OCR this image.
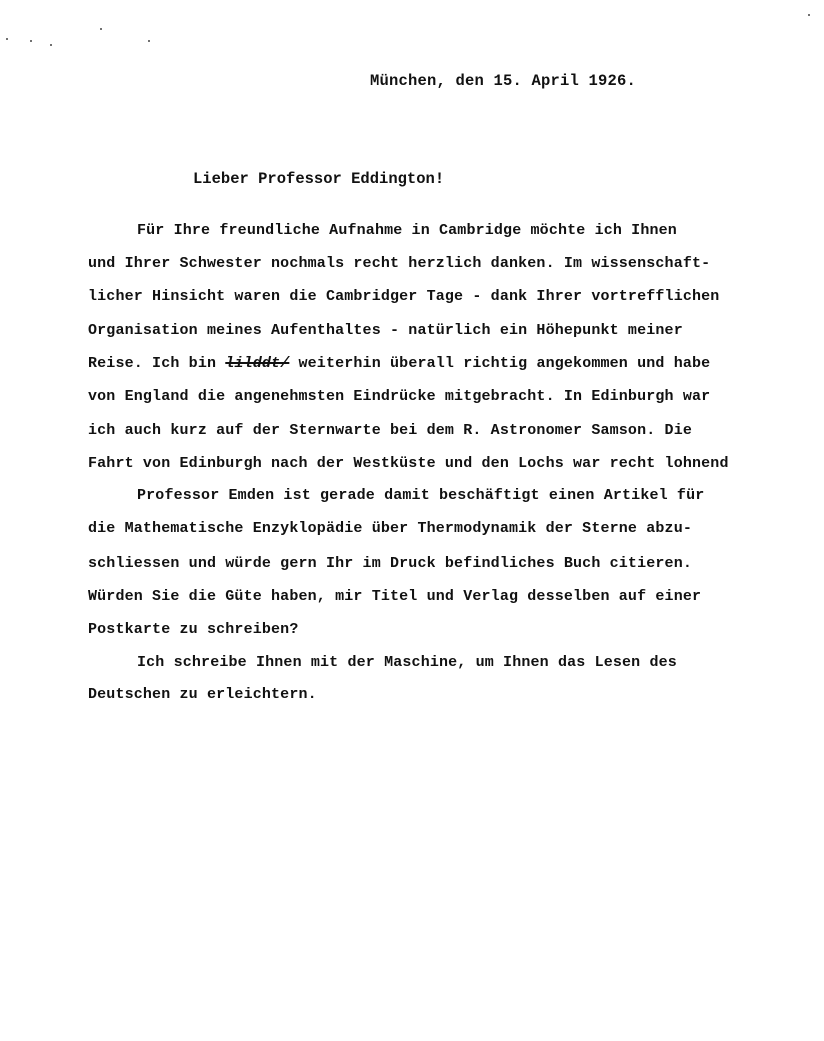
München, den 15. April 1926.
Lieber Professor Eddington!
Für Ihre freundliche Aufnahme in Cambridge möchte ich Ihnen
und Ihrer Schwester nochmals recht herzlich danken. Im wissenschaft-
licher Hinsicht waren die Cambridger Tage - dank Ihrer vortrefflichen
Organisation meines Aufenthaltes - natürlich ein Höhepunkt meiner
Reise. Ich bin lilddt/ weiterhin überall richtig angekommen und habe
von England die angenehmsten Eindrücke mitgebracht. In Edinburgh war
ich auch kurz auf der Sternwarte bei dem R. Astronomer Samson. Die
Fahrt von Edinburgh nach der Westküste und den Lochs war recht lohnend
Professor Emden ist gerade damit beschäftigt einen Artikel für
die Mathematische Enzyklopädie über Thermodynamik der Sterne abzu-
schliessen und würde gern Ihr im Druck befindliches Buch citieren.
Würden Sie die Güte haben, mir Titel und Verlag desselben auf einer
Postkarte zu schreiben?
Ich schreibe Ihnen mit der Maschine, um Ihnen das Lesen des
Deutschen zu erleichtern.
